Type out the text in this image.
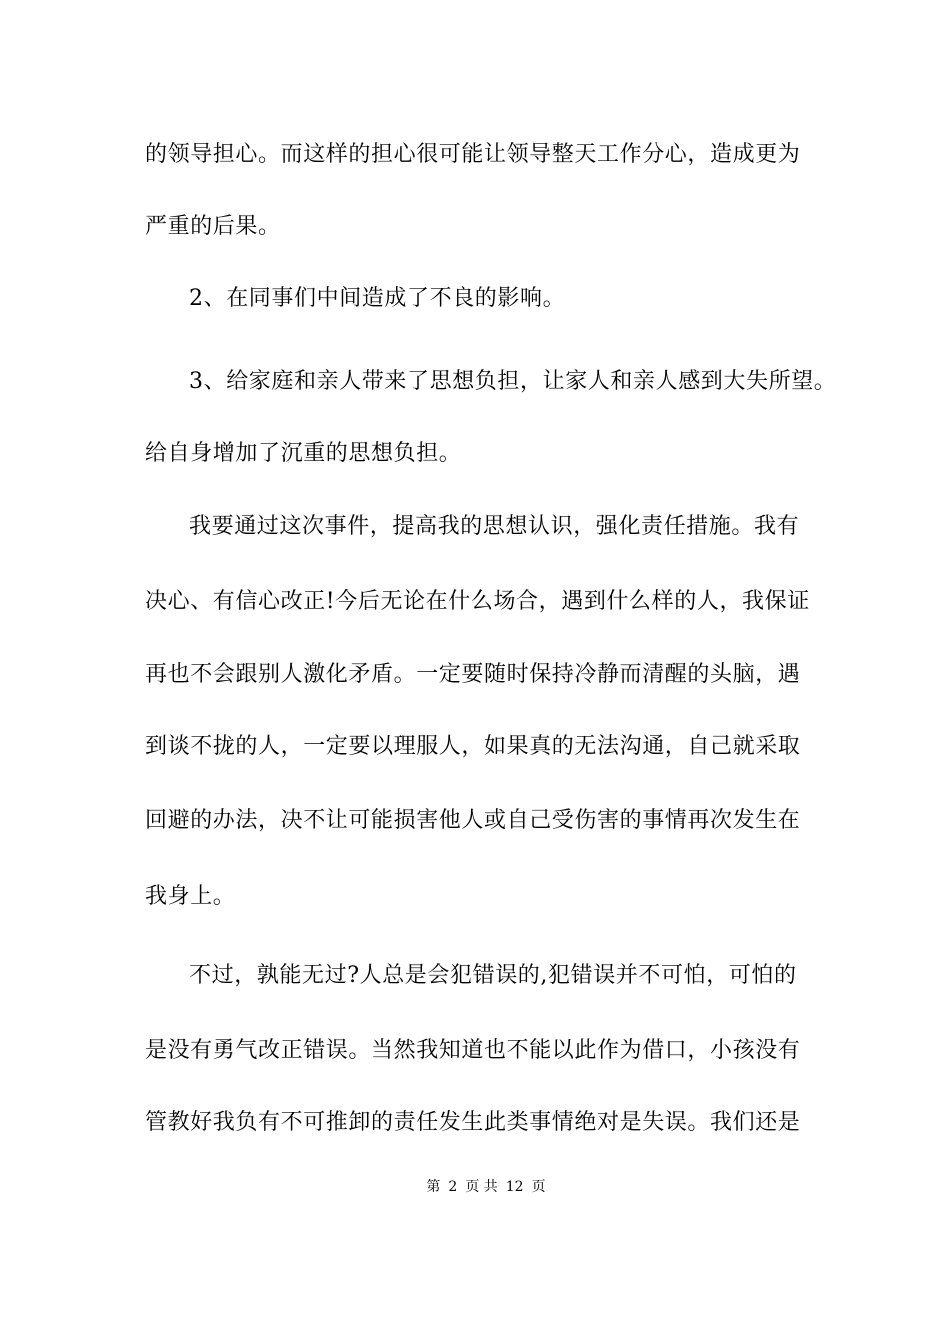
的领导担心。而这样的担心很可能让领导整天工作分心，造成更为
严重的后果。
2、在同事们中间造成了不良的影响。
3、给家庭和亲人带来了思想负担，让家人和亲人感到大失所望。
给自身增加了沉重的思想负担。
我要通过这次事件，提高我的思想认识，强化责任措施。我有
决心、有信心改正!今后无论在什么场合，遇到什么样的人，我保证
再也不会跟别人激化矛盾。一定要随时保持冷静而清醒的头脑，遇
到谈不拢的人，一定要以理服人，如果真的无法沟通，自己就采取
回避的办法，决不让可能损害他人或自己受伤害的事情再次发生在
我身上。
不过，孰能无过?人总是会犯错误的,犯错误并不可怕，可怕的
是没有勇气改正错误。当然我知道也不能以此作为借口，小孩没有
管教好我负有不可推卸的责任发生此类事情绝对是失误。我们还是
第 2 页 共 12 页
